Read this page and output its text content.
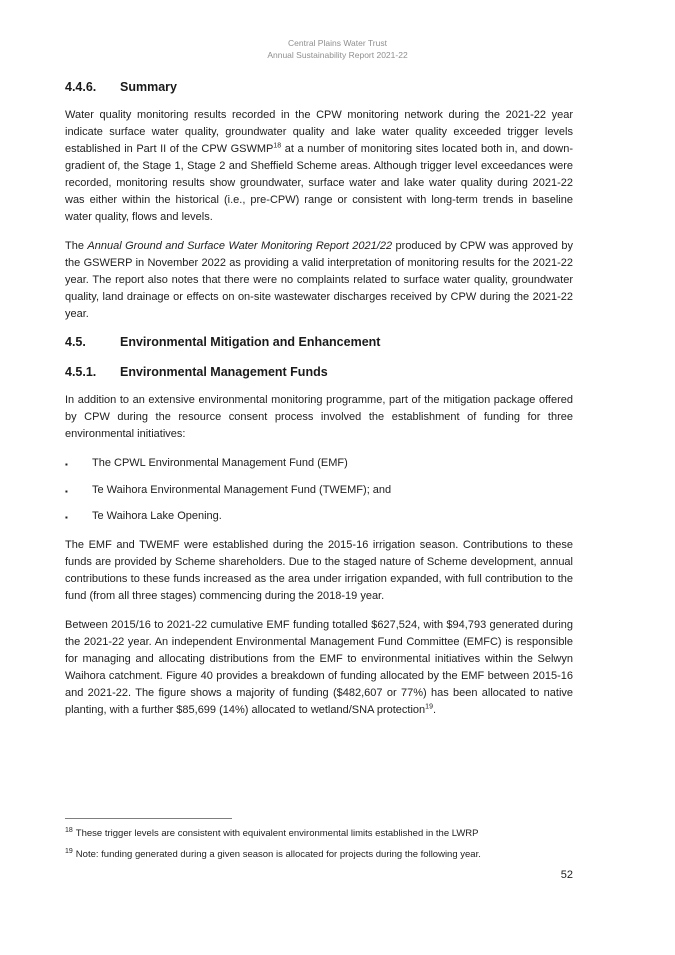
Central Plains Water Trust
Annual Sustainability Report 2021-22
4.4.6. Summary

Water quality monitoring results recorded in the CPW monitoring network during the 2021-22 year indicate surface water quality, groundwater quality and lake water quality exceeded trigger levels established in Part II of the CPW GSWMP$^{18}$ at a number of monitoring sites located both in, and down-gradient of, the Stage 1, Stage 2 and Sheffield Scheme areas. Although trigger level exceedances were recorded, monitoring results show groundwater, surface water and lake water quality during 2021-22 was either within the historical (i.e., pre-CPW) range or consistent with long-term trends in baseline water quality, flows and levels.

The Annual Ground and Surface Water Monitoring Report 2021/22 produced by CPW was approved by the GSWERP in November 2022 as providing a valid interpretation of monitoring results for the 2021-22 year. The report also notes that there were no complaints related to surface water quality, groundwater quality, land drainage or effects on on-site wastewater discharges received by CPW during the 2021-22 year.

4.5.	Environmental Mitigation and Enhancement
4.5.1. Environmental Management Funds

In addition to an extensive environmental monitoring programme, part of the mitigation package offered by CPW during the resource consent process involved the establishment of funding for three environmental initiatives:

▪ The CPWL Environmental Management Fund (EMF)
▪ Te Waihora Environmental Management Fund (TWEMF); and
▪ Te Waihora Lake Opening.

The EMF and TWEMF were established during the 2015-16 irrigation season. Contributions to these funds are provided by Scheme shareholders. Due to the staged nature of Scheme development, annual contributions to these funds increased as the area under irrigation expanded, with full contribution to the fund (from all three stages) commencing during the 2018-19 year.

Between 2015/16 to 2021-22 cumulative EMF funding totalled $627,524, with $94,793 generated during the 2021-22 year. An independent Environmental Management Fund Committee (EMFC) is responsible for managing and allocating distributions from the EMF to environmental initiatives within the Selwyn Waihora catchment. Figure 40 provides a breakdown of funding allocated by the EMF between 2015-16 and 2021-22. The figure shows a majority of funding ($482,607 or 77%) has been allocated to native planting, with a further $85,699 (14%) allocated to wetland/SNA protection$^{19}$.

$^{18}$ These trigger levels are consistent with equivalent environmental limits established in the LWRP

$^{19}$ Note: funding generated during a given season is allocated for projects during the following year.

52
